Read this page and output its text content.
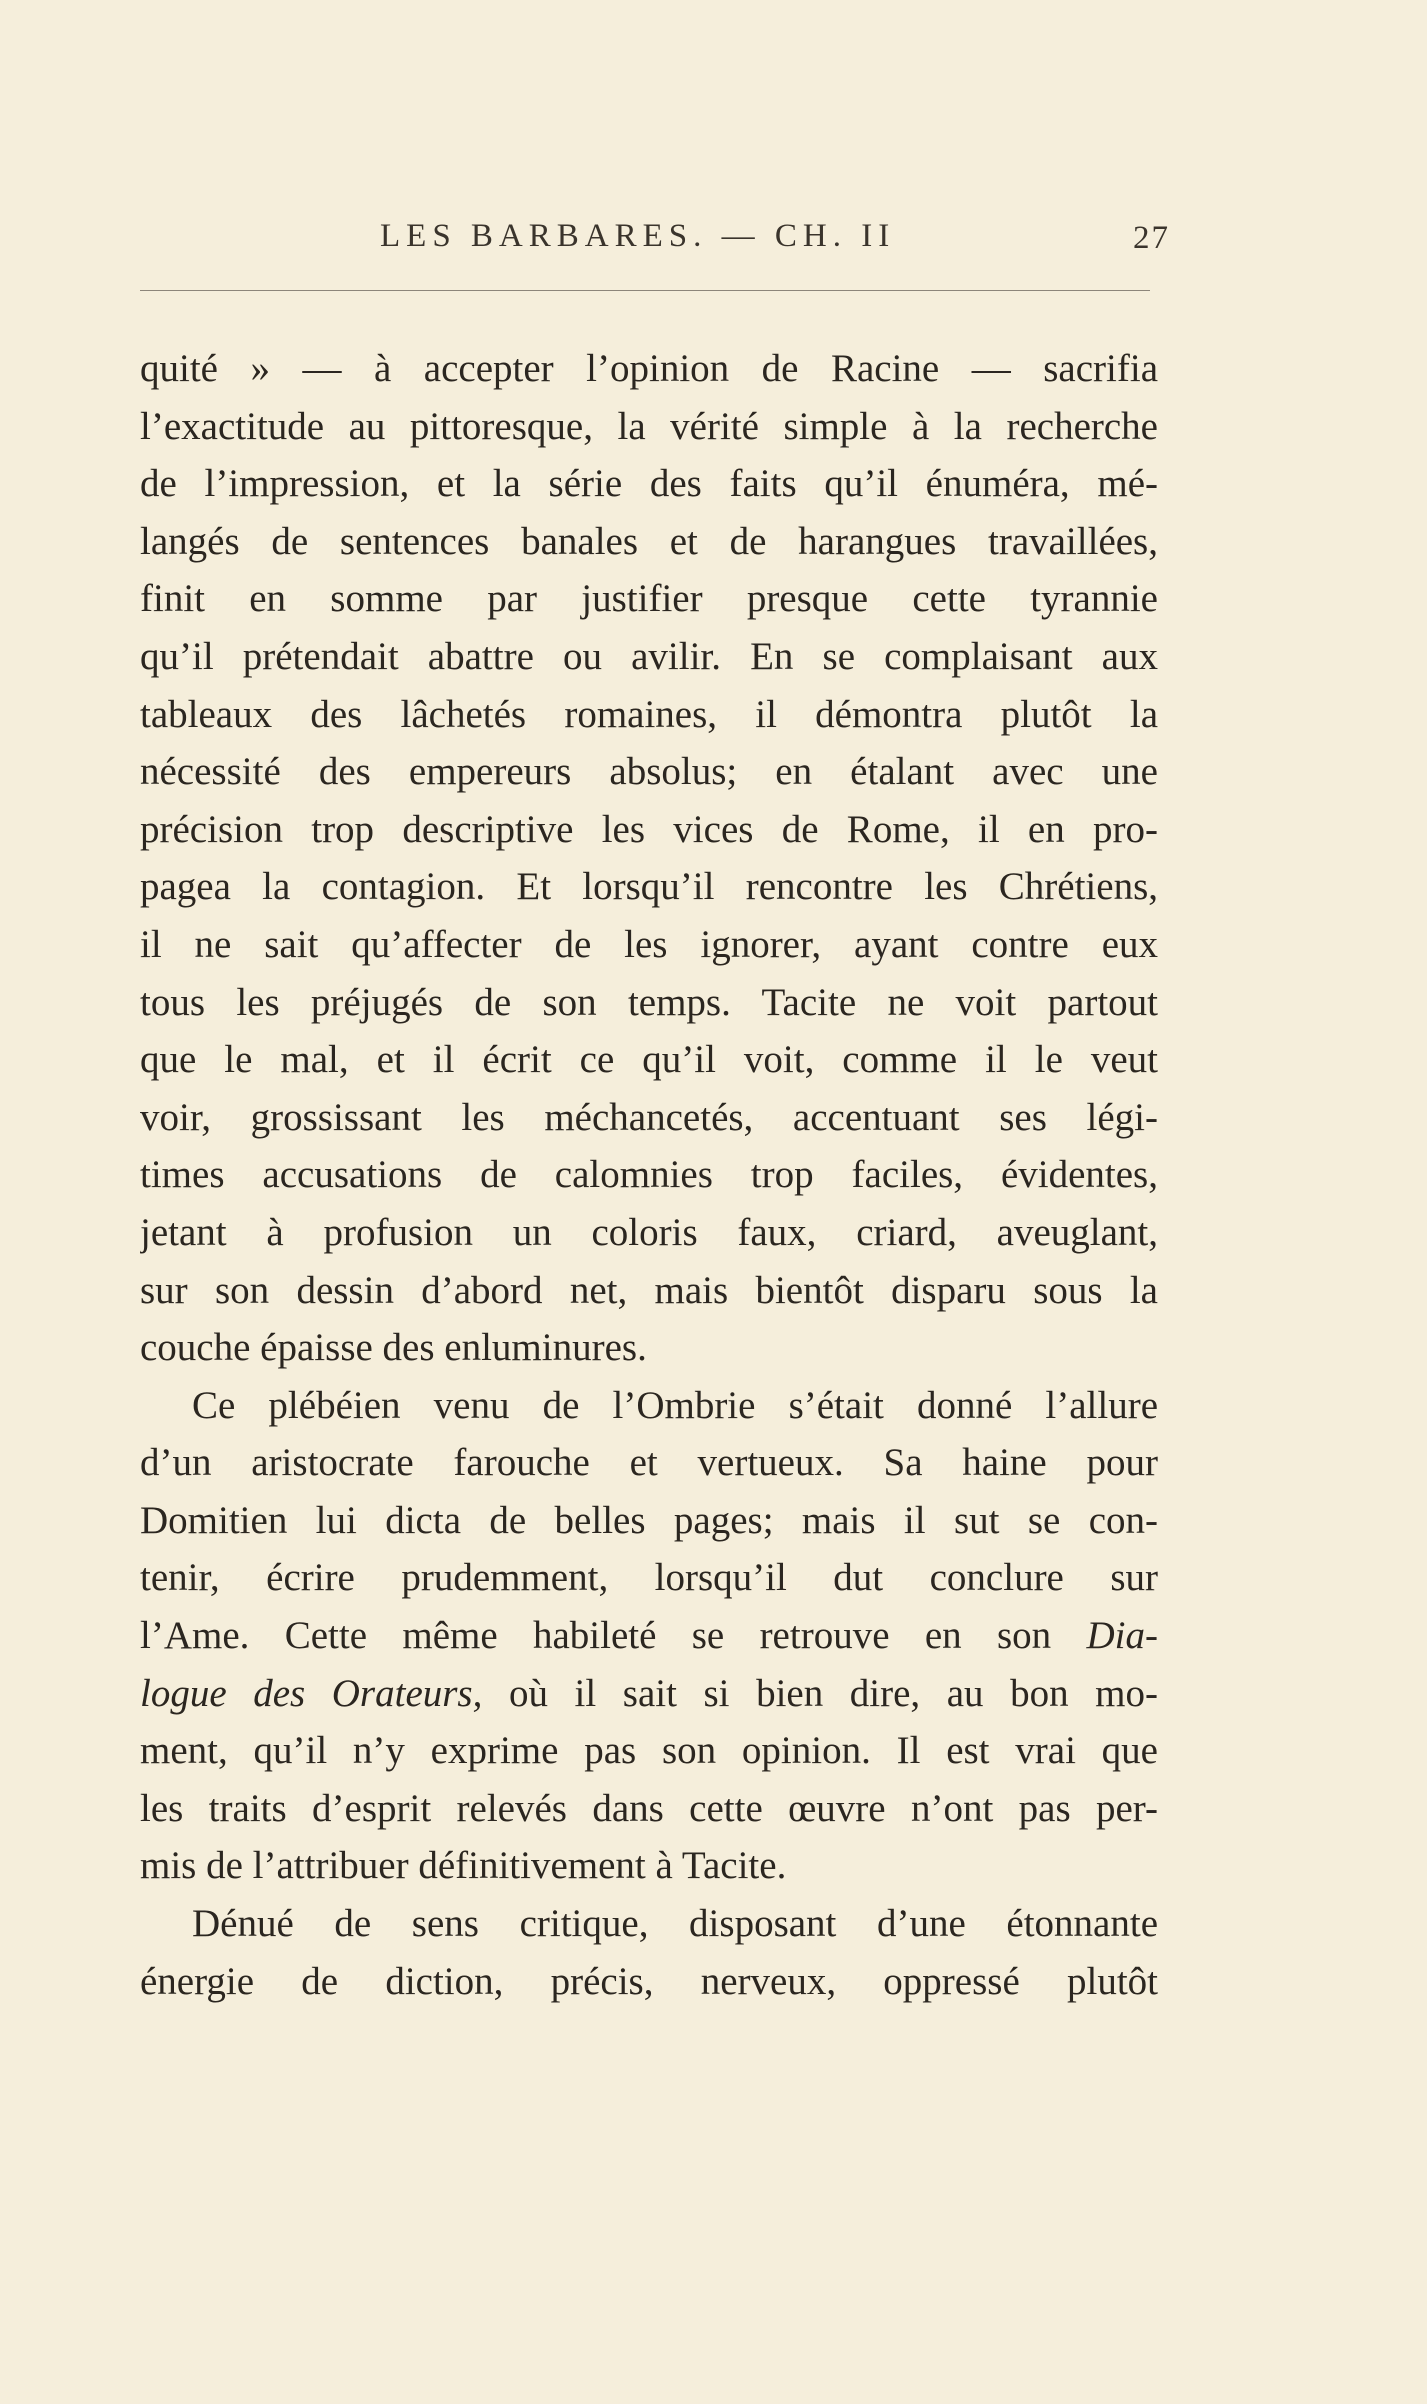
LES BARBARES. — CH. II	27
quité » — à accepter l’opinion de Racine — sacrifia
l’exactitude au pittoresque, la vérité simple à la recherche
de l’impression, et la série des faits qu’il énuméra, mé-
langés de sentences banales et de harangues travaillées,
finit en somme par justifier presque cette tyrannie
qu’il prétendait abattre ou avilir. En se complaisant aux
tableaux des lâchetés romaines, il démontra plutôt la
nécessité des empereurs absolus; en étalant avec une
précision trop descriptive les vices de Rome, il en pro-
pagea la contagion. Et lorsqu’il rencontre les Chrétiens,
il ne sait qu’affecter de les ignorer, ayant contre eux
tous les préjugés de son temps. Tacite ne voit partout
que le mal, et il écrit ce qu’il voit, comme il le veut
voir, grossissant les méchancetés, accentuant ses légi-
times accusations de calomnies trop faciles, évidentes,
jetant à profusion un coloris faux, criard, aveuglant,
sur son dessin d’abord net, mais bientôt disparu sous la
couche épaisse des enluminures.
Ce plébéien venu de l’Ombrie s’était donné l’allure
d’un aristocrate farouche et vertueux. Sa haine pour
Domitien lui dicta de belles pages; mais il sut se con-
tenir, écrire prudemment, lorsqu’il dut conclure sur
l’Ame. Cette même habileté se retrouve en son Dia-
logue des Orateurs, où il sait si bien dire, au bon mo-
ment, qu’il n’y exprime pas son opinion. Il est vrai que
les traits d’esprit relevés dans cette œuvre n’ont pas per-
mis de l’attribuer définitivement à Tacite.
Dénué de sens critique, disposant d’une étonnante
énergie de diction, précis, nerveux, oppressé plutôt
